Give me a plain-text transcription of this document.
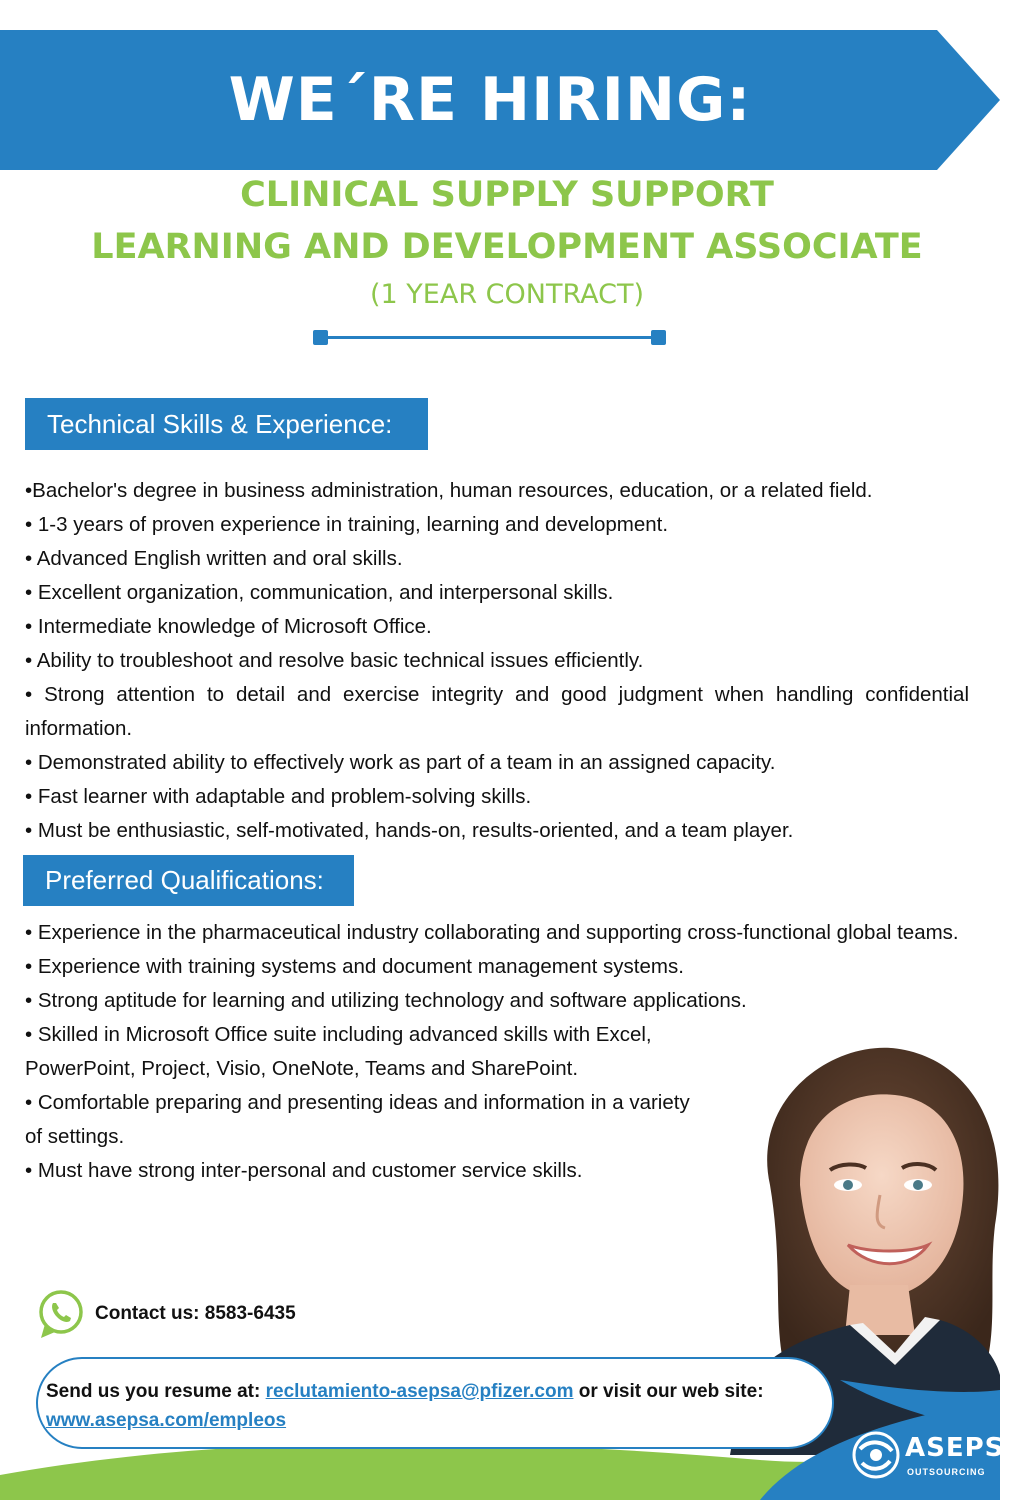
WE´RE HIRING:
CLINICAL SUPPLY SUPPORT
LEARNING AND DEVELOPMENT ASSOCIATE
(1 YEAR CONTRACT)
Technical Skills & Experience:

•Bachelor's degree in business administration, human resources, education, or a related field.

• 1-3 years of proven experience in training, learning and development.

• Advanced English written and oral skills.

• Excellent organization, communication, and interpersonal skills.

• Intermediate knowledge of Microsoft Office.

• Ability to troubleshoot and resolve basic technical issues efficiently.

• Strong attention to detail and exercise integrity and good judgment when handling confidential information.

• Demonstrated ability to effectively work as part of a team in an assigned capacity.

• Fast learner with adaptable and problem-solving skills.

• Must be enthusiastic, self-motivated, hands-on, results-oriented, and a team player.

Preferred Qualifications:

• Experience in the pharmaceutical industry collaborating and supporting cross-functional global teams.

• Experience with training systems and document management systems.

• Strong aptitude for learning and utilizing technology and software applications.

• Skilled in Microsoft Office suite including advanced skills with Excel, PowerPoint, Project, Visio, OneNote, Teams and SharePoint.

• Comfortable preparing and presenting ideas and information in a variety of settings.

• Must have strong inter-personal and customer service skills.

Contact us: 8583-6435
Send us you resume at: reclutamiento-asepsa@pfizer.com or visit our web site:
www.asepsa.com/empleos
ASEPSA
OUTSOURCING
